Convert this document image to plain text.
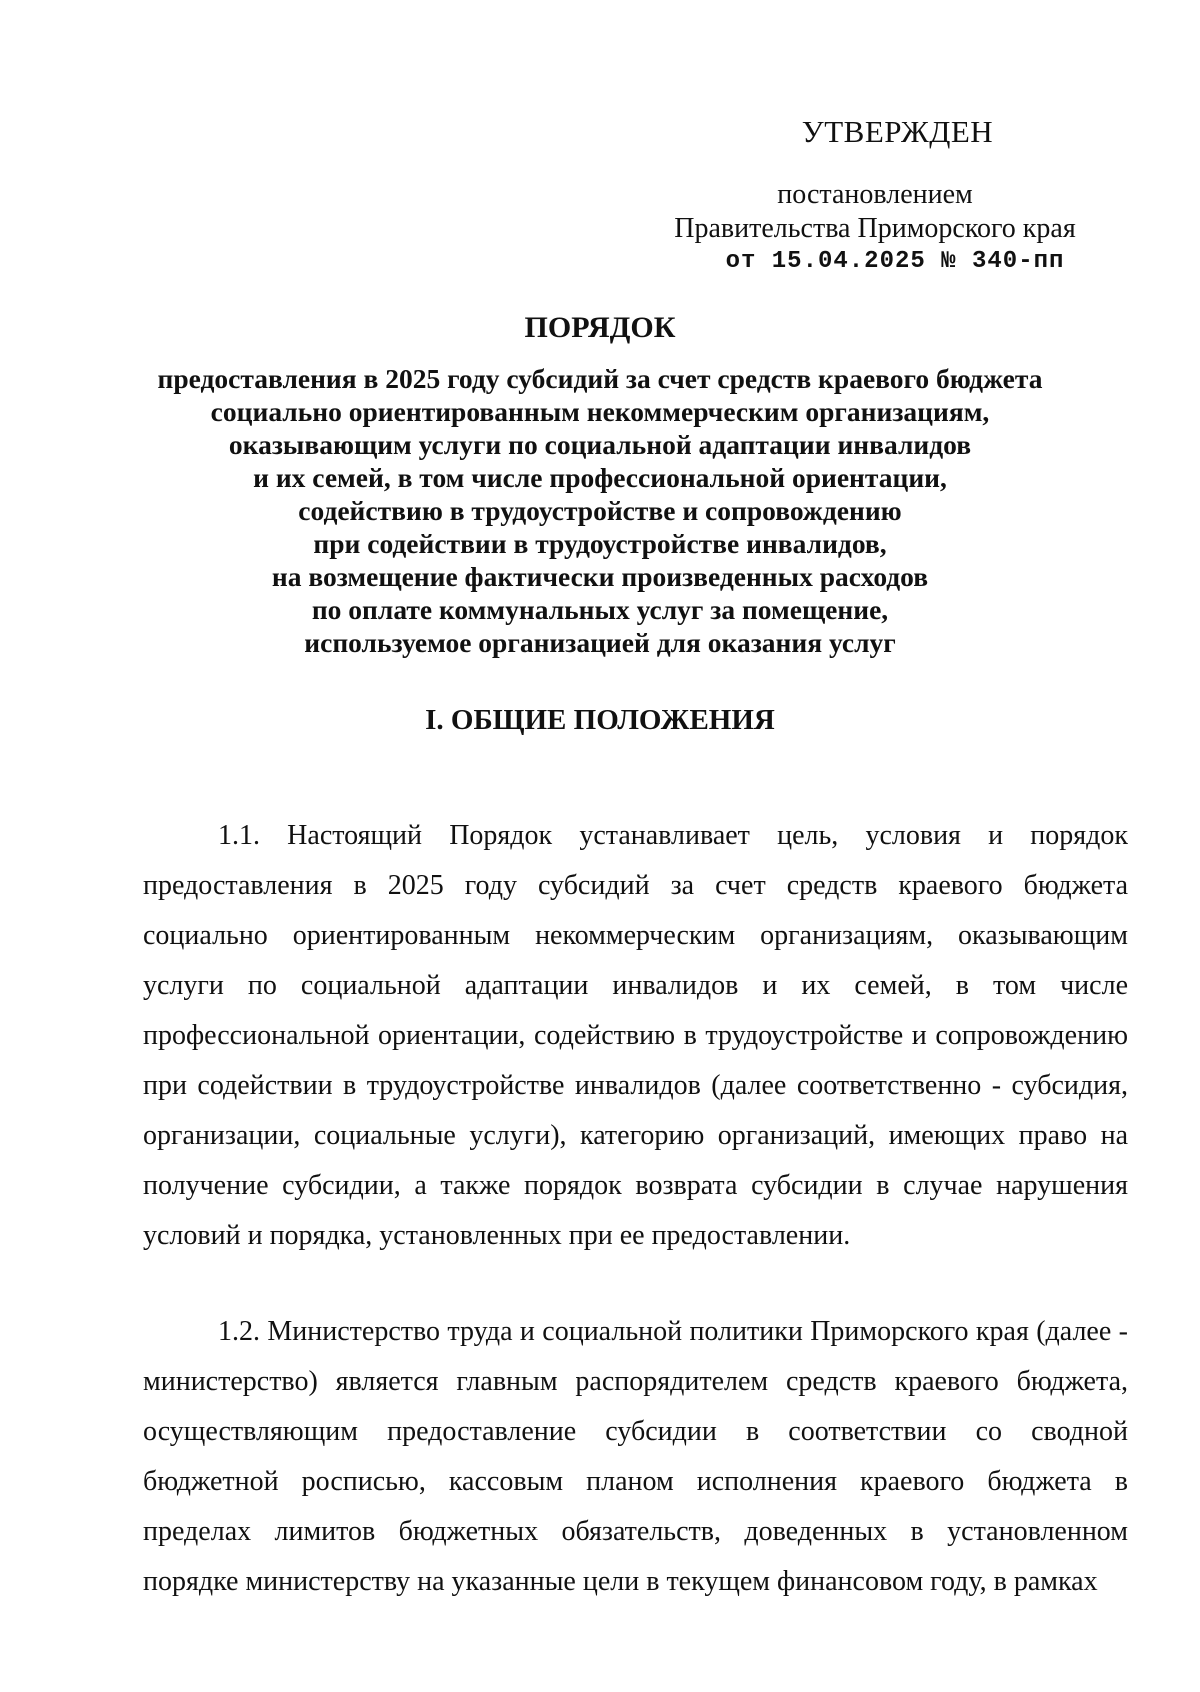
УТВЕРЖДЕН
постановлением
Правительства Приморского края
от 15.04.2025 № 340-пп
ПОРЯДОК
предоставления в 2025 году субсидий за счет средств краевого бюджета
социально ориентированным некоммерческим организациям,
оказывающим услуги по социальной адаптации инвалидов
и их семей, в том числе профессиональной ориентации,
содействию в трудоустройстве и сопровождению
при содействии в трудоустройстве инвалидов,
на возмещение фактически произведенных расходов
по оплате коммунальных услуг за помещение,
используемое организацией для оказания услуг
I. ОБЩИЕ ПОЛОЖЕНИЯ

1.1. Настоящий Порядок устанавливает цель, условия и порядок предоставления в 2025 году субсидий за счет средств краевого бюджета социально ориентированным некоммерческим организациям, оказывающим услуги по социальной адаптации инвалидов и их семей, в том числе профессиональной ориентации, содействию в трудоустройстве и сопровождению при содействии в трудоустройстве инвалидов (далее соответственно - субсидия, организации, социальные услуги), категорию организаций, имеющих право на получение субсидии, а также порядок возврата субсидии в случае нарушения условий и порядка, установленных при ее предоставлении.

1.2. Министерство труда и социальной политики Приморского края (далее - министерство) является главным распорядителем средств краевого бюджета, осуществляющим предоставление субсидии в соответствии со сводной бюджетной росписью, кассовым планом исполнения краевого бюджета в пределах лимитов бюджетных обязательств, доведенных в установленном порядке министерству на указанные цели в текущем финансовом году, в рамках
